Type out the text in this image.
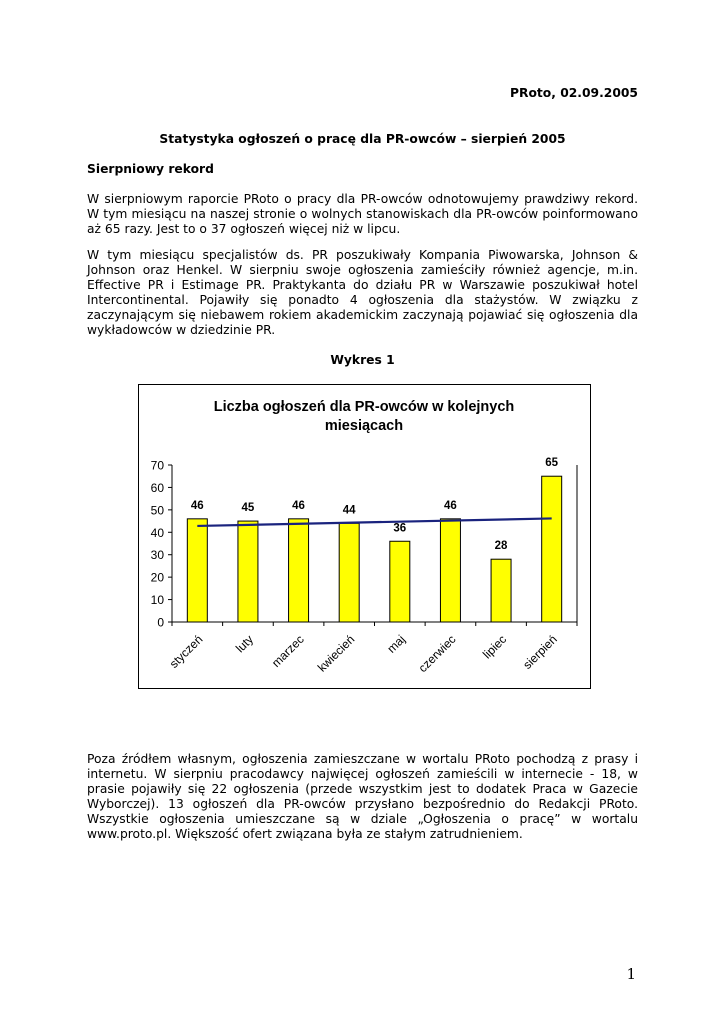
PRoto, 02.09.2005
Statystyka ogłoszeń o pracę dla PR-owców – sierpień 2005
Sierpniowy rekord

W sierpniowym raporcie PRoto o pracy dla PR-owców odnotowujemy prawdziwy rekord. W tym miesiącu na naszej stronie o wolnych stanowiskach dla PR-owców poinformowano aż 65 razy. Jest to o 37 ogłoszeń więcej niż w lipcu.

W tym miesiącu specjalistów ds. PR poszukiwały Kompania Piwowarska, Johnson & Johnson oraz Henkel. W sierpniu swoje ogłoszenia zamieściły również agencje, m.in. Effective PR i Estimage PR. Praktykanta do działu PR w Warszawie poszukiwał hotel Intercontinental. Pojawiły się ponadto 4 ogłoszenia dla stażystów. W związku z zaczynającym się niebawem rokiem akademickim zaczynają pojawiać się ogłoszenia dla wykładowców w dziedzinie PR.

Wykres 1
Liczba ogłoszeń dla PR-owców w kolejnych
miesiącach
0
10
20
30
40
50
60
70
46
styczeń
45
luty
46
marzec
44
kwiecień
36
maj
46
czerwiec
28
lipiec
65
sierpień

Poza źródłem własnym, ogłoszenia zamieszczane w wortalu PRoto pochodzą z prasy i internetu. W sierpniu pracodawcy najwięcej ogłoszeń zamieścili w internecie - 18, w prasie pojawiły się 22 ogłoszenia (przede wszystkim jest to dodatek Praca w Gazecie Wyborczej). 13 ogłoszeń dla PR-owców przysłano bezpośrednio do Redakcji PRoto. Wszystkie ogłoszenia umieszczane są w dziale „Ogłoszenia o pracę” w wortalu www.proto.pl. Większość ofert związana była ze stałym zatrudnieniem.

1
